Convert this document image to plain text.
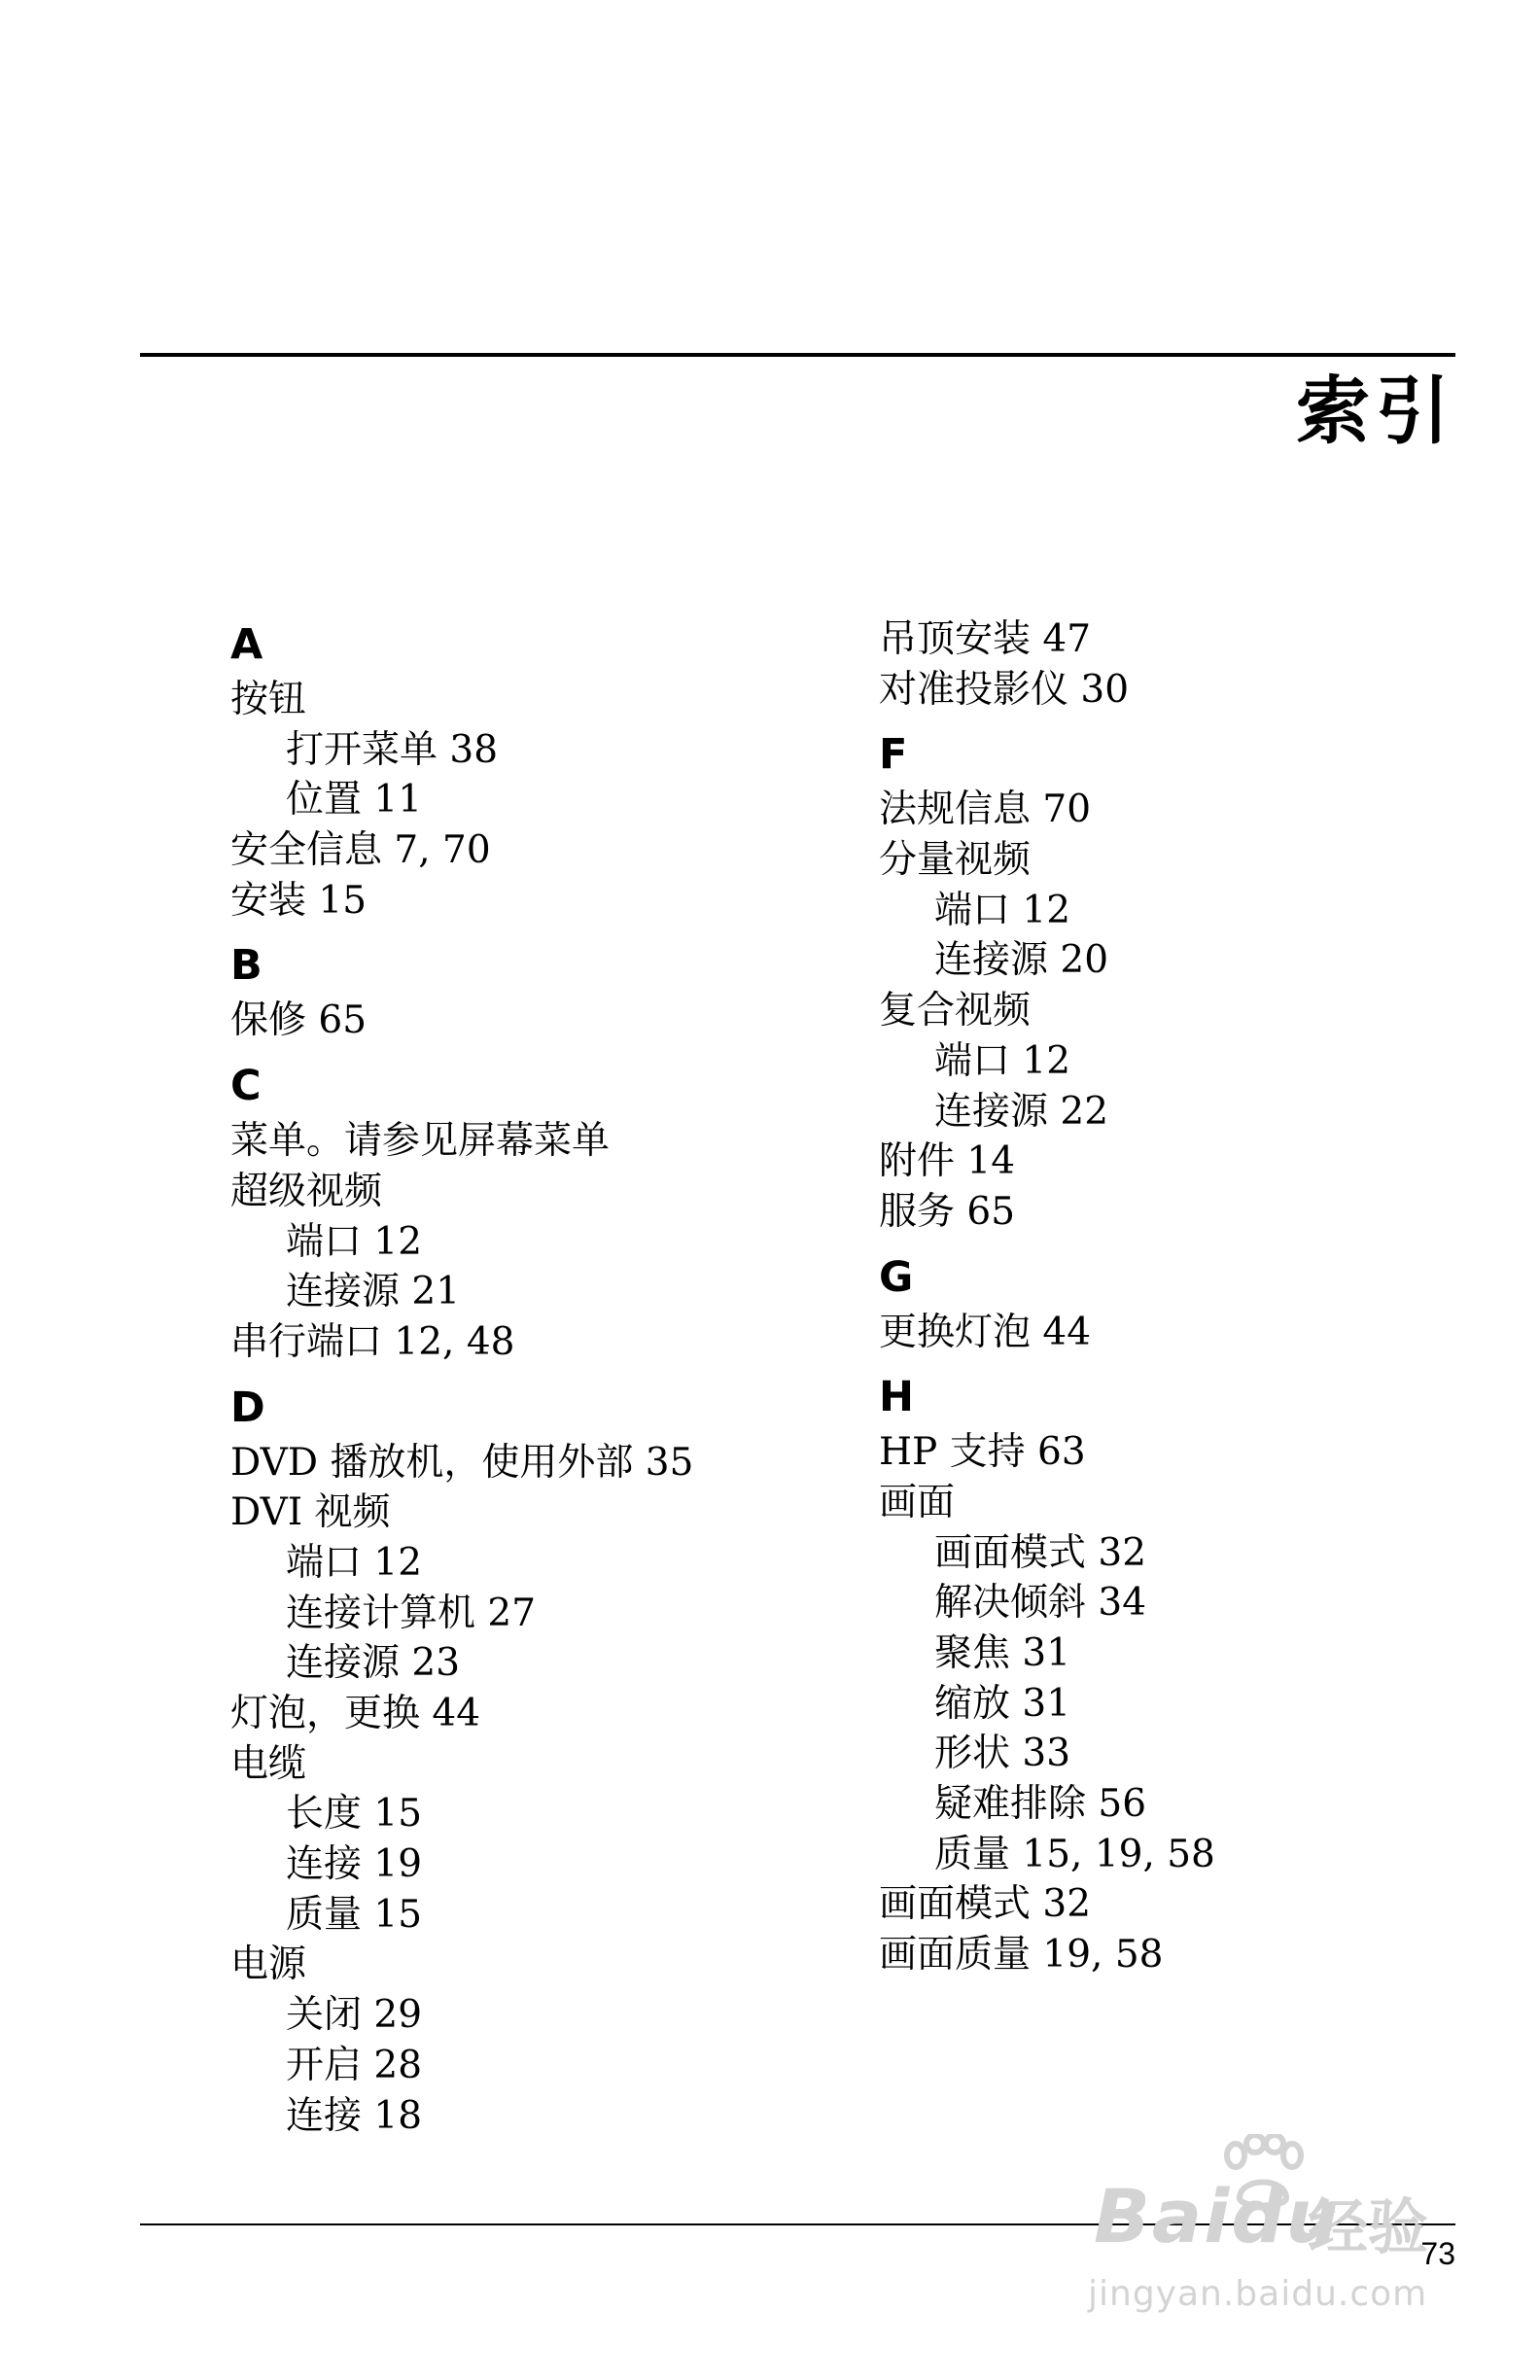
索引
A
按钮
打开菜单 38
位置 11
安全信息 7, 70
安装 15
B
保修 65
C
菜单。请参见屏幕菜单
超级视频
端口 12
连接源 21
串行端口 12, 48
D
DVD 播放机，使用外部 35
DVI 视频
端口 12
连接计算机 27
连接源 23
灯泡，更换 44
电缆
长度 15
连接 19
质量 15
电源
关闭 29
开启 28
连接 18
吊顶安装 47
对准投影仪 30
F
法规信息 70
分量视频
端口 12
连接源 20
复合视频
端口 12
连接源 22
附件 14
服务 65
G
更换灯泡 44
H
HP 支持 63
画面
画面模式 32
解决倾斜 34
聚焦 31
缩放 31
形状 33
疑难排除 56
质量 15, 19, 58
画面模式 32
画面质量 19, 58
73
Baidu
经验
jingyan.baidu.com
